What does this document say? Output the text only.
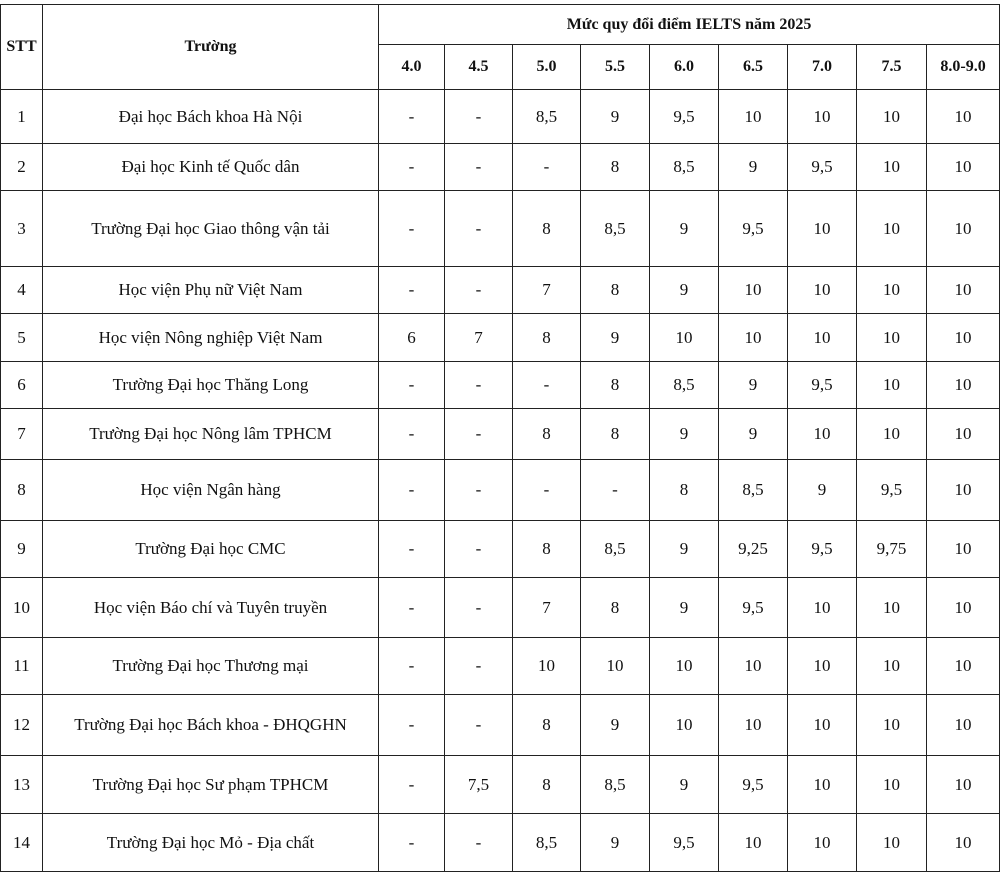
STT	Trường	Mức quy đổi điểm IELTS năm 2025								
		4.0	4.5	5.0	5.5	6.0	6.5	7.0	7.5	8.0-9.0
1	Đại học Bách khoa Hà Nội	-	-	8,5	9	9,5	10	10	10	10
2	Đại học Kinh tế Quốc dân	-	-	-	8	8,5	9	9,5	10	10
3	Trường Đại học Giao thông vận tải	-	-	8	8,5	9	9,5	10	10	10
4	Học viện Phụ nữ Việt Nam	-	-	7	8	9	10	10	10	10
5	Học viện Nông nghiệp Việt Nam	6	7	8	9	10	10	10	10	10
6	Trường Đại học Thăng Long	-	-	-	8	8,5	9	9,5	10	10
7	Trường Đại học Nông lâm TPHCM	-	-	8	8	9	9	10	10	10
8	Học viện Ngân hàng	-	-	-	-	8	8,5	9	9,5	10
9	Trường Đại học CMC	-	-	8	8,5	9	9,25	9,5	9,75	10
10	Học viện Báo chí và Tuyên truyền	-	-	7	8	9	9,5	10	10	10
11	Trường Đại học Thương mại	-	-	10	10	10	10	10	10	10
12	Trường Đại học Bách khoa - ĐHQGHN	-	-	8	9	10	10	10	10	10
13	Trường Đại học Sư phạm TPHCM	-	7,5	8	8,5	9	9,5	10	10	10
14	Trường Đại học Mỏ - Địa chất	-	-	8,5	9	9,5	10	10	10	10
